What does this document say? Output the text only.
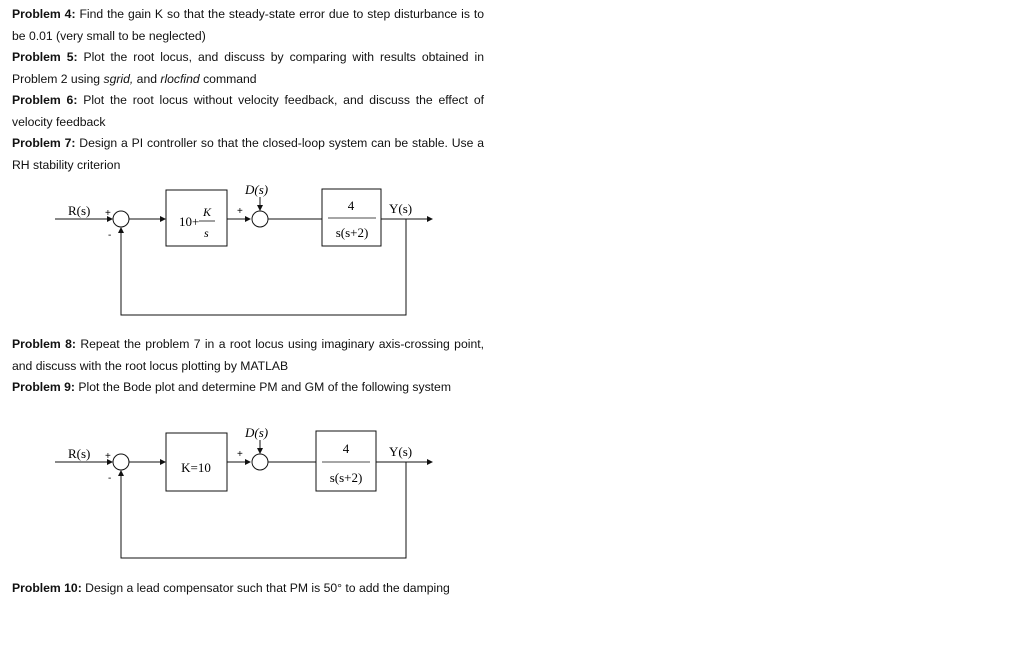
Problem 4: Find the gain K so that the steady-state error due to step disturbance is to be 0.01 (very small to be neglected)
Problem 5: Plot the root locus, and discuss by comparing with results obtained in Problem 2 using sgrid, and rlocfind command
Problem 6: Plot the root locus without velocity feedback, and discuss the effect of velocity feedback
Problem 7: Design a PI controller so that the closed-loop system can be stable. Use a RH stability criterion
R(s) +
-
10+
K
s
+
D(s)
4
s(s+2)
Y(s)
Problem 8: Repeat the problem 7 in a root locus using imaginary axis-crossing point, and discuss with the root locus plotting by MATLAB
Problem 9: Plot the Bode plot and determine PM and GM of the following system
R(s) +
-
K=10
+
D(s)
4
s(s+2)
Y(s)
Problem 10: Design a lead compensator such that PM is 50° to add the damping
